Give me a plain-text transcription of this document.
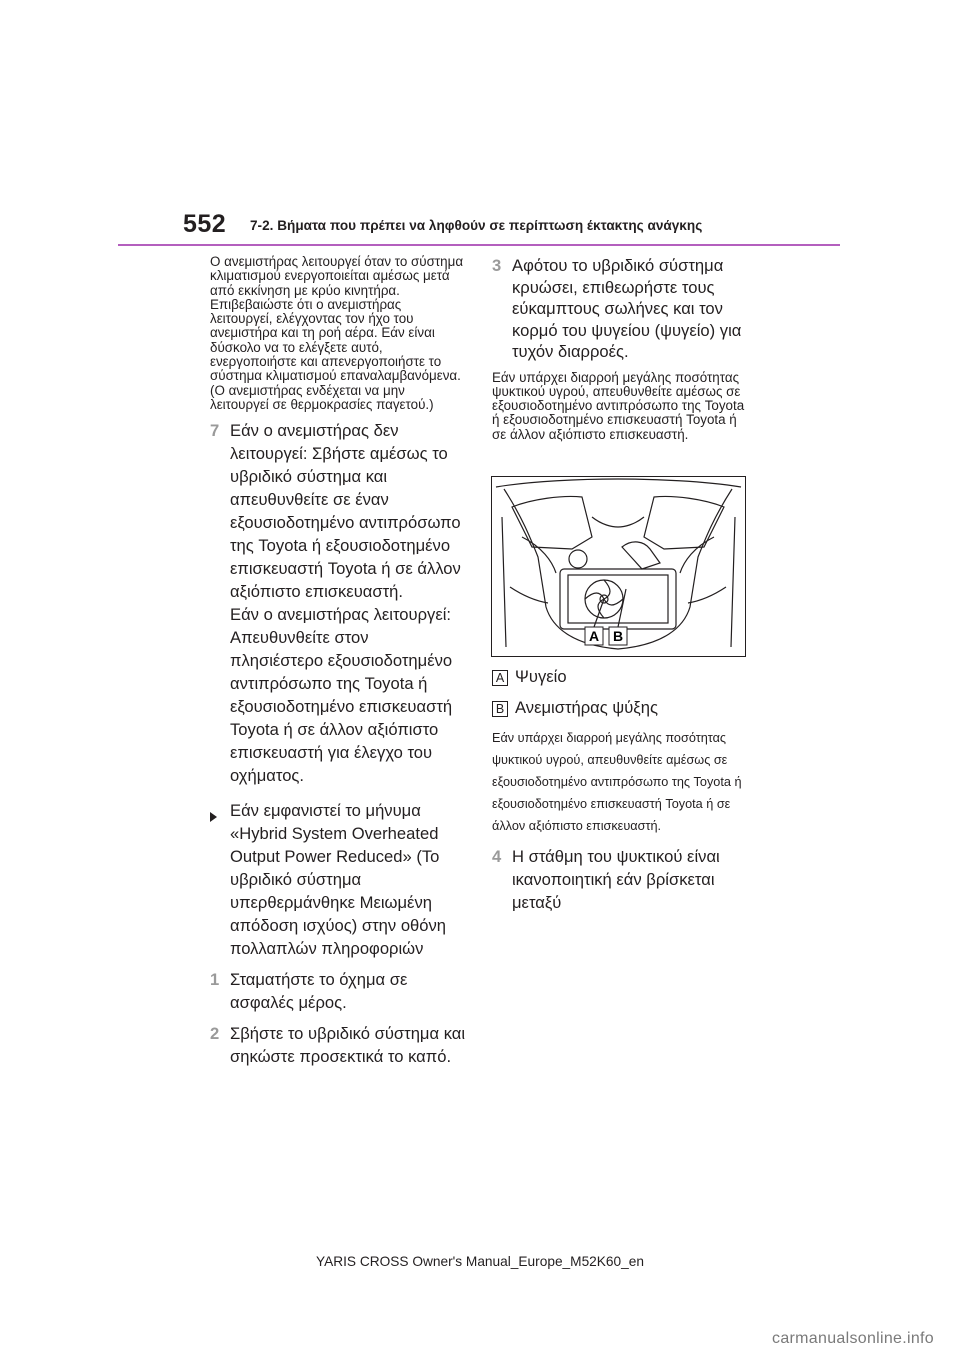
552 7-2. Βήματα που πρέπει να ληφθούν σε περίπτωση έκτακτης ανάγκης

Ο ανεμιστήρας λειτουργεί όταν το σύστημα κλιματισμού ενεργοποιείται αμέσως μετά από εκκίνηση με κρύο κινητήρα. Επιβεβαιώστε ότι ο ανεμιστήρας λειτουργεί, ελέγχοντας τον ήχο του ανεμιστήρα και τη ροή αέρα. Εάν είναι δύσκολο να το ελέγξετε αυτό, ενεργοποιήστε και απενεργοποιήστε το σύστημα κλιματισμού επαναλαμβανόμενα. (Ο ανεμιστήρας ενδέχεται να μην λειτουργεί σε θερμοκρασίες παγετού.)

7 Εάν ο ανεμιστήρας δεν λειτουργεί: Σβήστε αμέσως το υβριδικό σύστημα και απευθυνθείτε σε έναν εξουσιοδοτημένο αντιπρόσωπο της Toyota ή εξουσιοδοτημένο επισκευαστή Toyota ή σε άλλον αξιόπιστο επισκευαστή.
Εάν ο ανεμιστήρας λειτουργεί: Απευθυνθείτε στον πλησιέστερο εξουσιοδοτημένο αντιπρόσωπο της Toyota ή εξουσιοδοτημένο επισκευαστή Toyota ή σε άλλον αξιόπιστο επισκευαστή για έλεγχο του οχήματος.
Εάν εμφανιστεί το μήνυμα «Hybrid System Overheated Output Power Reduced» (Το υβριδικό σύστημα υπερθερμάνθηκε Μειωμένη απόδοση ισχύος) στην οθόνη πολλαπλών πληροφοριών
1 Σταματήστε το όχημα σε ασφαλές μέρος.
2 Σβήστε το υβριδικό σύστημα και σηκώστε προσεκτικά το καπό.
3 Αφότου το υβριδικό σύστημα κρυώσει, επιθεωρήστε τους εύκαμπτους σωλήνες και τον κορμό του ψυγείου (ψυγείο) για τυχόν διαρροές.

Εάν υπάρχει διαρροή μεγάλης ποσότητας ψυκτικού υγρού, απευθυνθείτε αμέσως σε εξουσιοδοτημένο αντιπρόσωπο της Toyota ή εξουσιοδοτημένο επισκευαστή Toyota ή σε άλλον αξιόπιστο επισκευαστή.

A B
A Ψυγείο
B Ανεμιστήρας ψύξης

Εάν υπάρχει διαρροή μεγάλης ποσότητας ψυκτικού υγρού, απευθυνθείτε αμέσως σε εξουσιοδοτημένο αντιπρόσωπο της Toyota ή εξουσιοδοτημένο επισκευαστή Toyota ή σε άλλον αξιόπιστο επισκευαστή.

4 Η στάθμη του ψυκτικού είναι ικανοποιητική εάν βρίσκεται μεταξύ
YARIS CROSS Owner's Manual_Europe_M52K60_en
carmanualsonline.info
